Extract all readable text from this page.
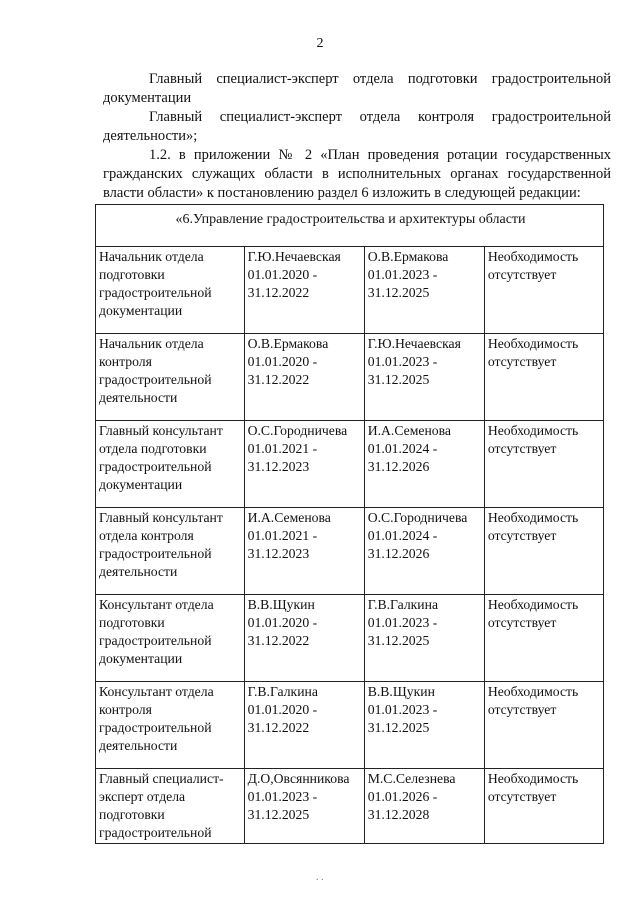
2

Главный специалист-эксперт отдела подготовки градостроительной документации

Главный специалист-эксперт отдела контроля градостроительной деятельности»;

1.2. в приложении № 2 «План проведения ротации государственных гражданских служащих области в исполнительных органах государственной власти области» к постановлению раздел 6 изложить в следующей редакции:

«6.Управление градостроительства и архитектуры области			

Начальник отдела
подготовки
градостроительной
документации	Г.Ю.Нечаевская
01.01.2020 -
31.12.2022	О.В.Ермакова
01.01.2023 -
31.12.2025	Необходимость
отсутствует

Начальник отдела
контроля
градостроительной
деятельности	О.В.Ермакова
01.01.2020 -
31.12.2022	Г.Ю.Нечаевская
01.01.2023 -
31.12.2025	Необходимость
отсутствует

Главный консультант
отдела подготовки
градостроительной
документации	О.С.Городничева
01.01.2021 -
31.12.2023	И.А.Семенова
01.01.2024 -
31.12.2026	Необходимость
отсутствует

Главный консультант
отдела контроля
градостроительной
деятельности	И.А.Семенова
01.01.2021 -
31.12.2023	О.С.Городничева
01.01.2024 -
31.12.2026	Необходимость
отсутствует

Консультант отдела
подготовки
градостроительной
документации	В.В.Щукин
01.01.2020 -
31.12.2022	Г.В.Галкина
01.01.2023 -
31.12.2025	Необходимость
отсутствует

Консультант отдела
контроля
градостроительной
деятельности	Г.В.Галкина
01.01.2020 -
31.12.2022	В.В.Щукин
01.01.2023 -
31.12.2025	Необходимость
отсутствует

Главный специалист-
эксперт отдела
подготовки
градостроительной	Д.О,Овсянникова
01.01.2023 -
31.12.2025	М.С.Селезнева
01.01.2026 -
31.12.2028	Необходимость
отсутствует
. .
